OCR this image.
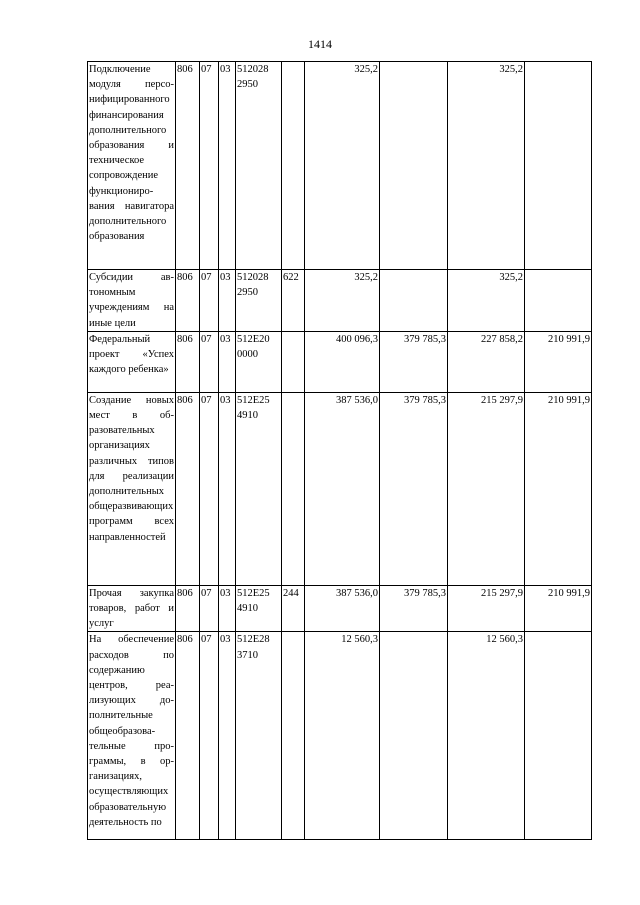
1414
Подключение модуля персонифицированного финансирования дополнительного образования и техническое сопровождение функционирования навигатора дополнительного образования	806	07	03	512028 2950		325,2		325,2	
Субсидии автономным учреждениям на иные цели	806	07	03	512028 2950	622	325,2		325,2	
Федеральный проект «Успех каждого ребенка»	806	07	03	512E20 0000		400 096,3	379 785,3	227 858,2	210 991,9
Создание новых мест в образовательных организациях различных типов для реализации дополнительных общеразвивающих программ всех направленностей	806	07	03	512E25 4910		387 536,0	379 785,3	215 297,9	210 991,9
Прочая закупка товаров, работ и услуг	806	07	03	512E25 4910	244	387 536,0	379 785,3	215 297,9	210 991,9
На обеспечение расходов по содержанию центров, реализующих дополнительные общеобразовательные программы, в организациях, осуществляющих образовательную деятельность по	806	07	03	512E28 3710		12 560,3		12 560,3	
